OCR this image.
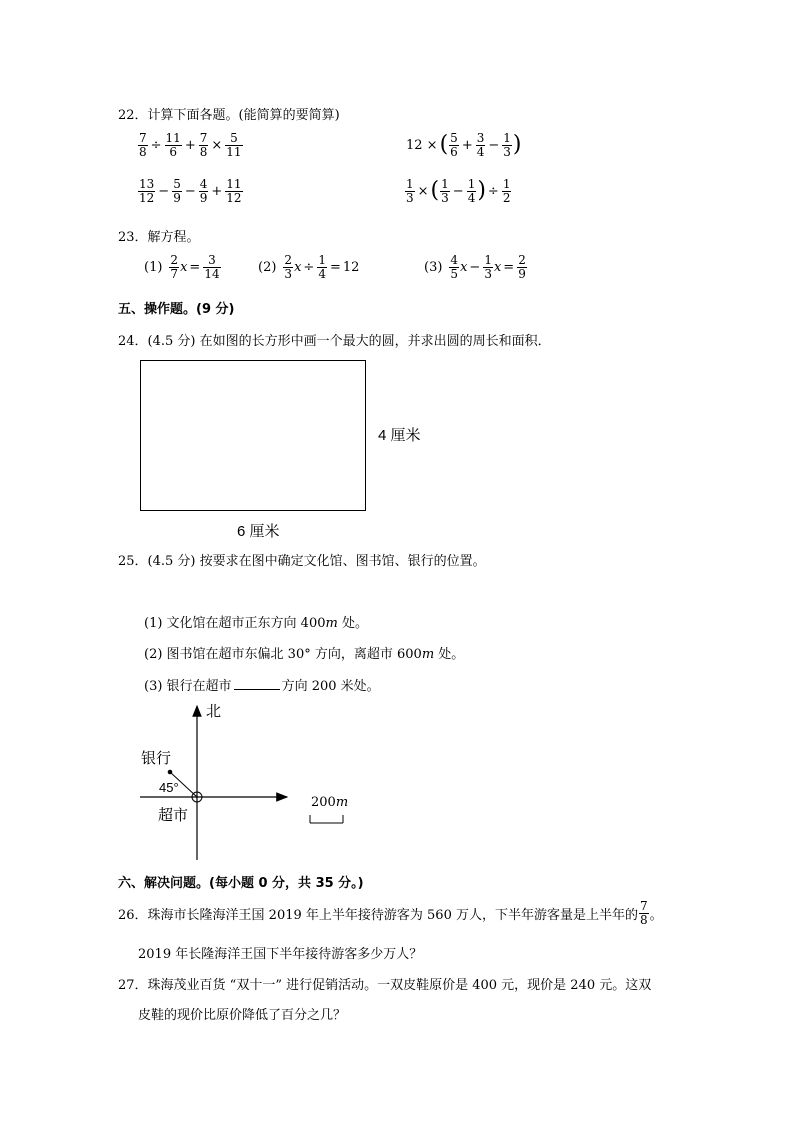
22．计算下面各题。(能简算的要简算)
$\frac{7}{8} \div \frac{11}{6} + \frac{7}{8} \times \frac{5}{11}$	12 × ( $\frac{5}{6} + \frac{3}{4} - \frac{1}{3}$ )
$\frac{13}{12} - \frac{5}{9} - \frac{4}{9} + \frac{11}{12}$	$\frac{1}{3}$ × ( $\frac{1}{3} - \frac{1}{4}$ ) ÷ $\frac{1}{2}$
23．解方程。
$(1) \frac{2}{7}$ $x = \frac{3}{14}$	$(2) \frac{2}{3}$ $x \div \frac{1}{4} = 12$	$(3) \frac{4}{5}$ $x - \frac{1}{3}$ $x = \frac{2}{9}$
五、操作题。(9 分)
24．(4.5 分) 在如图的长方形中画一个最大的圆，并求出圆的周长和面积．
4 厘米
6 厘米
25．(4.5 分) 按要求在图中确定文化馆、图书馆、银行的位置。
(1) 文化馆在超市正东方向 400m 处。
(2) 图书馆在超市东偏北 30° 方向，离超市 600m 处。
(3) 银行在超市	方向 200 米处。
北
银行
45°
超市
200m
六、解决问题。(每小题 0 分，共 35 分。)
26．珠海市长隆海洋王国 2019 年上半年接待游客为 560 万人，下半年游客量是上半年的 $\frac{7}{8}$ 。
2019 年长隆海洋王国下半年接待游客多少万人？
27．珠海茂业百货 “双十一” 进行促销活动。一双皮鞋原价是 400 元，现价是 240 元。这双
皮鞋的现价比原价降低了百分之几？
